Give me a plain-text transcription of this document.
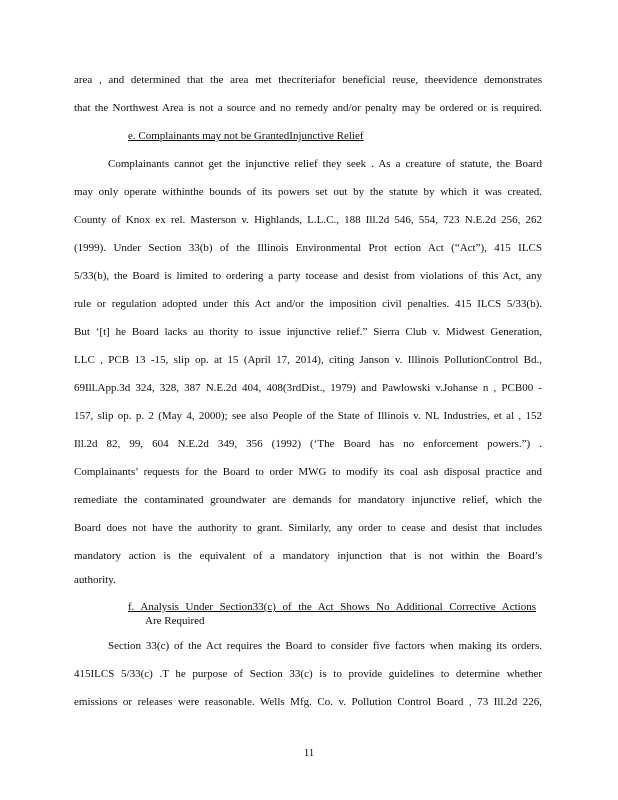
area , and determined that the area met thecriteriafor beneficial reuse, theevidence demonstrates
that the Northwest Area is not a source and no remedy and/or penalty may be ordered or is required.
e. Complainants may not be GrantedInjunctive Relief
Complainants cannot get the injunctive relief they seek . As a creature of statute, the Board
may only operate withinthe bounds of its powers set out by the statute by which it was created.
County of Knox ex rel. Masterson v. Highlands, L.L.C., 188 Ill.2d 546, 554, 723 N.E.2d 256, 262
(1999). Under Section 33(b) of the Illinois Environmental Prot ection Act (“Act”), 415 ILCS
5/33(b), the Board is limited to ordering a party tocease and desist from violations of this Act, any
rule or regulation adopted under this Act and/or the imposition civil penalties. 415 ILCS 5/33(b).
But ‘[t] he Board lacks au thority to issue injunctive relief.” Sierra Club v. Midwest Generation,
LLC , PCB 13 -15, slip op. at 15 (April 17, 2014), citing Janson v. Illinois PollutionControl Bd.,
69Ill.App.3d 324, 328, 387 N.E.2d 404, 408(3rdDist., 1979) and Pawlowski v.Johanse n , PCB00 -
157, slip op. p. 2 (May 4, 2000); see also People of the State of Illinois v. NL Industries, et al , 152
Ill.2d 82, 99, 604 N.E.2d 349, 356 (1992) (‘The Board has no enforcement powers.”) .
Complainants’ requests for the Board to order MWG to modify its coal ash disposal practice and
remediate the contaminated groundwater are demands for mandatory injunctive relief, which the
Board does not have the authority to grant. Similarly, any order to cease and desist that includes
mandatory action is the equivalent of a mandatory injunction that is not within the Board’s
authority.
f. Analysis Under Section33(c) of the Act Shows No Additional Corrective Actions
Are Required
Section 33(c) of the Act requires the Board to consider five factors when making its orders.
415ILCS 5/33(c) .T he purpose of Section 33(c) is to provide guidelines to determine whether
emissions or releases were reasonable. Wells Mfg. Co. v. Pollution Control Board , 73 Ill.2d 226,
11
